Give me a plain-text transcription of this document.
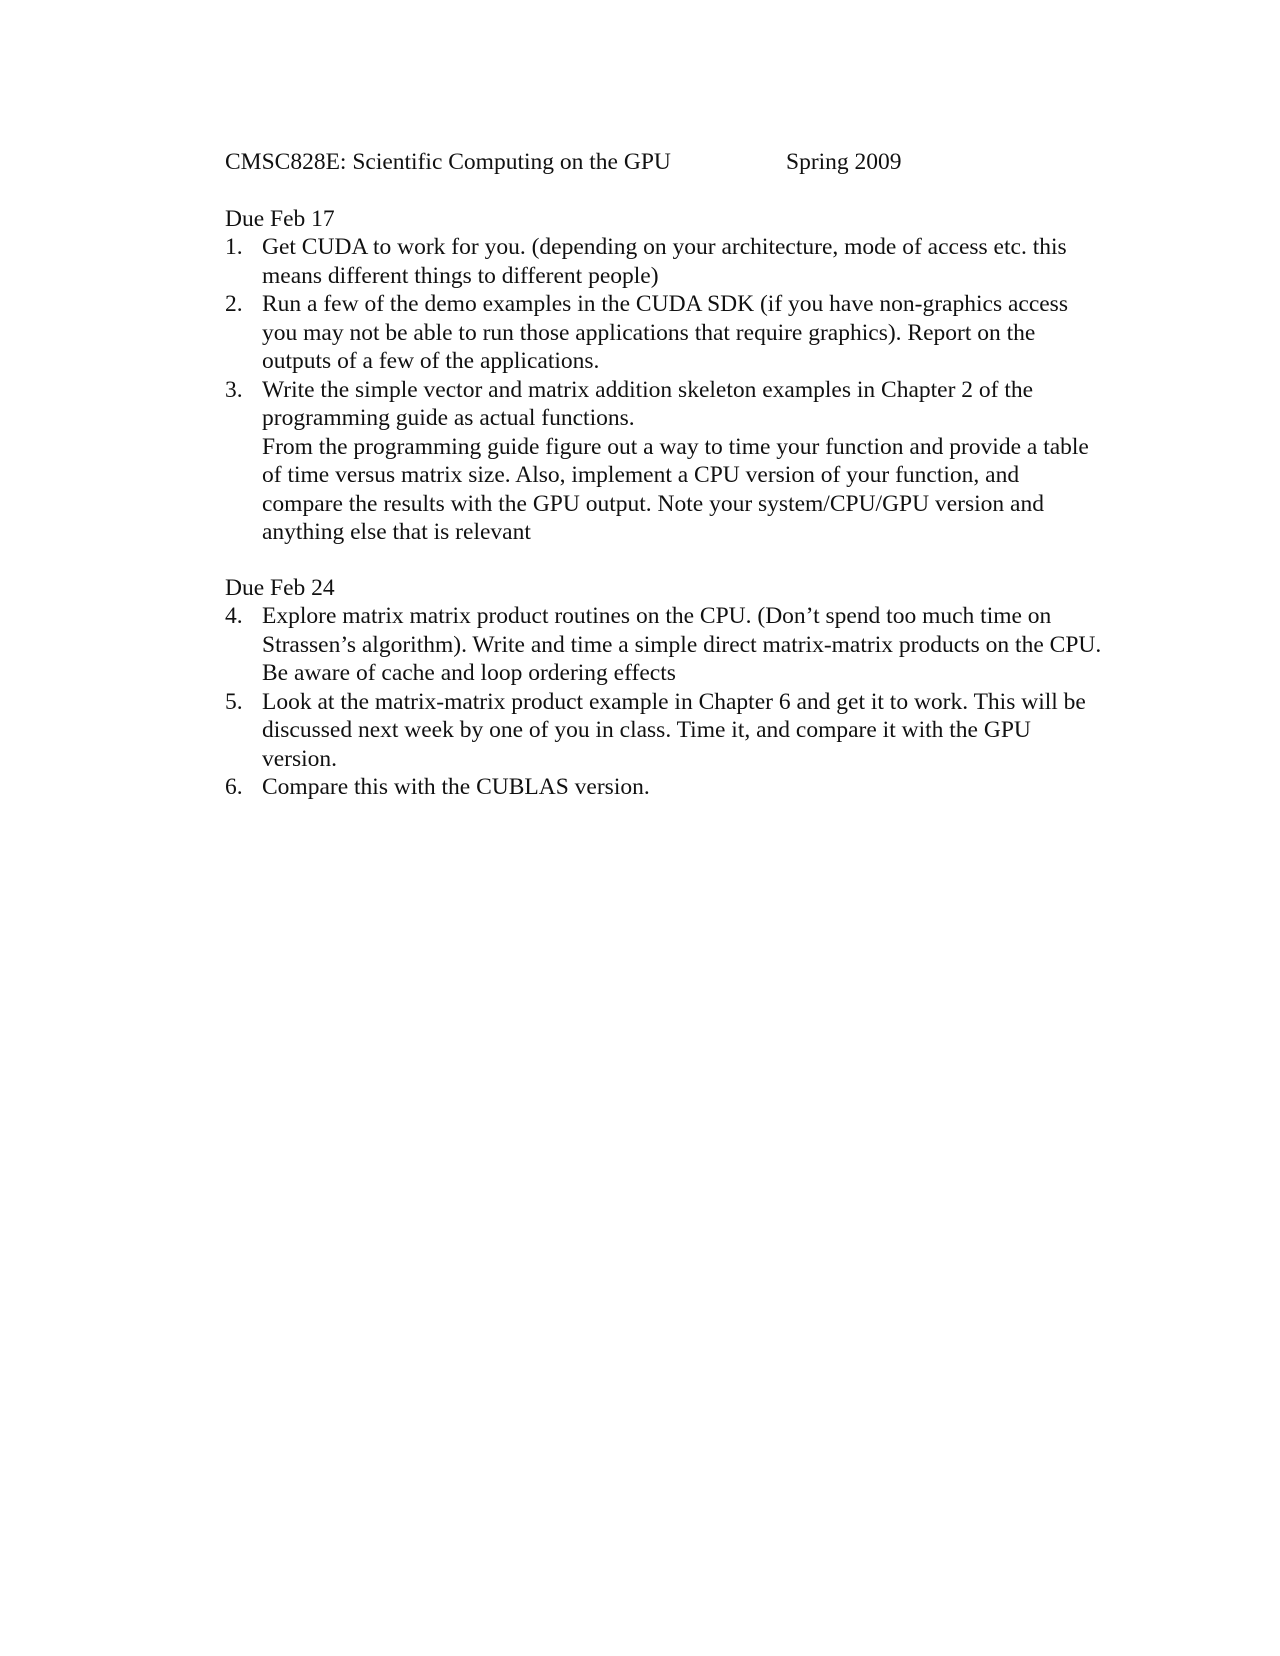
CMSC828E: Scientific Computing on the GPU	Spring 2009
Due Feb 17
1. Get CUDA to work for you. (depending on your architecture, mode of access etc. this means different things to different people)
2. Run a few of the demo examples in the CUDA SDK (if you have non-graphics access you may not be able to run those applications that require graphics). Report on the outputs of a few of the applications.
3. Write the simple vector and matrix addition skeleton examples in Chapter 2 of the programming guide as actual functions.
From the programming guide figure out a way to time your function and provide a table of time versus matrix size. Also, implement a CPU version of your function, and compare the results with the GPU output. Note your system/CPU/GPU version and anything else that is relevant
Due Feb 24
4. Explore matrix matrix product routines on the CPU. (Don’t spend too much time on Strassen’s algorithm). Write and time a simple direct matrix-matrix products on the CPU. Be aware of cache and loop ordering effects
5. Look at the matrix-matrix product example in Chapter 6 and get it to work. This will be discussed next week by one of you in class. Time it, and compare it with the GPU version.
6. Compare this with the CUBLAS version.
